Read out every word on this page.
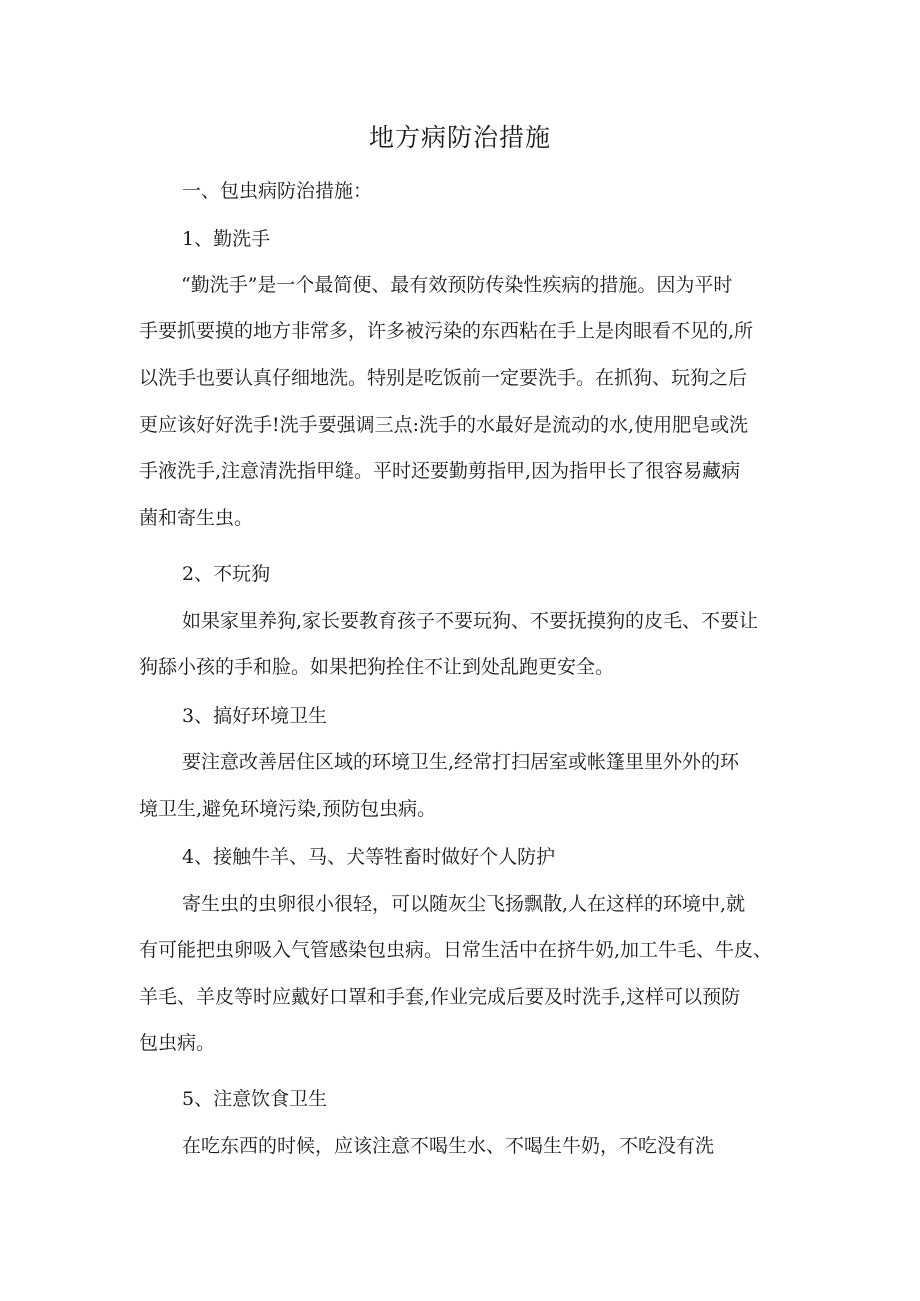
地方病防治措施

一、包虫病防治措施：

1、勤洗手

“勤洗手”是一个最简便、最有效预防传染性疾病的措施。因为平时

手要抓要摸的地方非常多，许多被污染的东西粘在手上是肉眼看不见的,所

以洗手也要认真仔细地洗。特别是吃饭前一定要洗手。在抓狗、玩狗之后

更应该好好洗手!洗手要强调三点:洗手的水最好是流动的水,使用肥皂或洗

手液洗手,注意清洗指甲缝。平时还要勤剪指甲,因为指甲长了很容易藏病

菌和寄生虫。

2、不玩狗

如果家里养狗,家长要教育孩子不要玩狗、不要抚摸狗的皮毛、不要让

狗舔小孩的手和脸。如果把狗拴住不让到处乱跑更安全。

3、搞好环境卫生

要注意改善居住区域的环境卫生,经常打扫居室或帐篷里里外外的环

境卫生,避免环境污染,预防包虫病。

4、接触牛羊、马、犬等牲畜时做好个人防护

寄生虫的虫卵很小很轻，可以随灰尘飞扬飘散,人在这样的环境中,就

有可能把虫卵吸入气管感染包虫病。日常生活中在挤牛奶,加工牛毛、牛皮、

羊毛、羊皮等时应戴好口罩和手套,作业完成后要及时洗手,这样可以预防

包虫病。

5、注意饮食卫生

在吃东西的时候，应该注意不喝生水、不喝生牛奶，不吃没有洗
